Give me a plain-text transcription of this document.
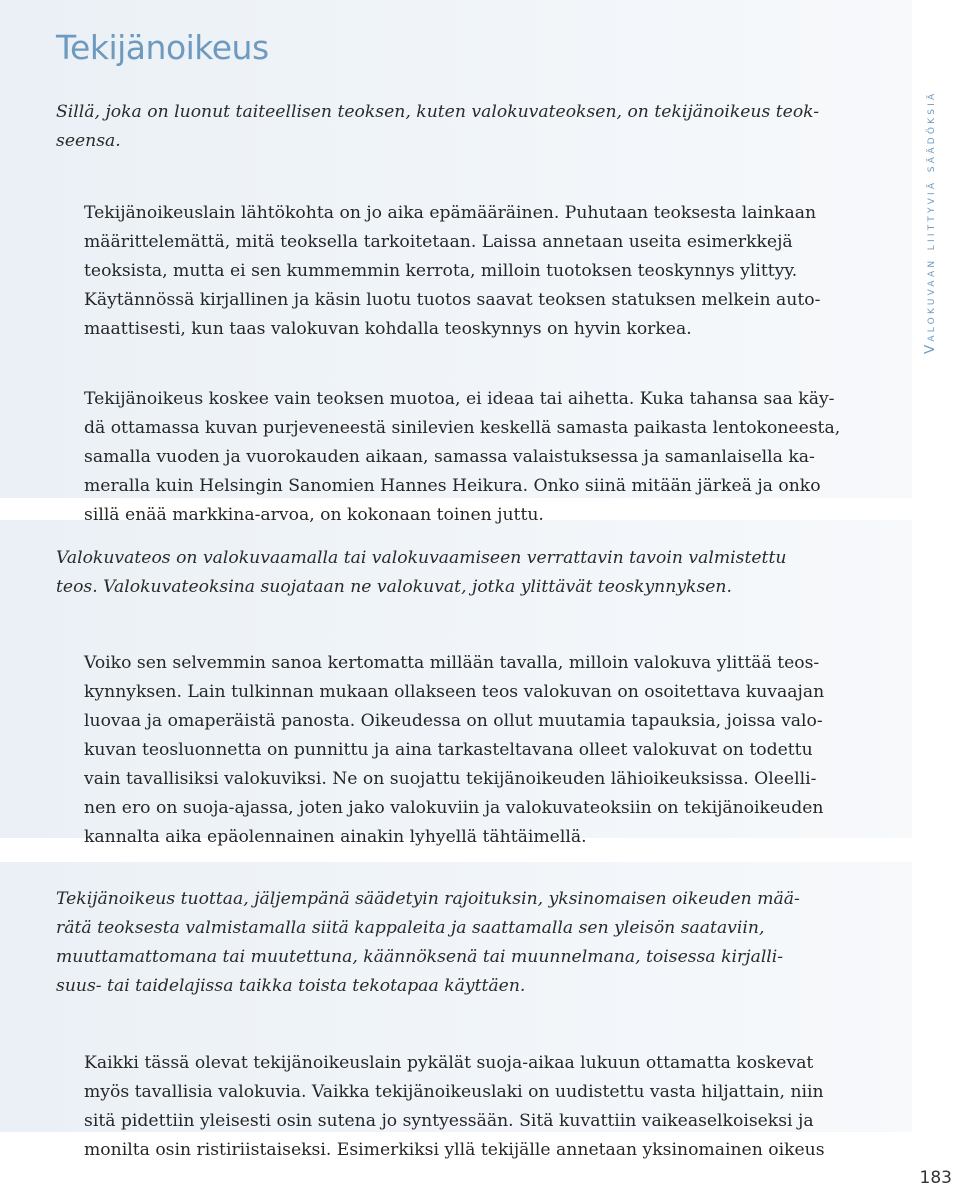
Tekijänoikeus

Sillä, joka on luonut taiteellisen teoksen, kuten valokuvateoksen, on tekijänoikeus teok-
seensa.

Tekijänoikeuslain lähtökohta on jo aika epämääräinen. Puhutaan teoksesta lainkaan
määrittelemättä, mitä teoksella tarkoitetaan. Laissa annetaan useita esimerkkejä
teoksista, mutta ei sen kummemmin kerrota, milloin tuotoksen teoskynnys ylittyy.
Käytännössä kirjallinen ja käsin luotu tuotos saavat teoksen statuksen melkein auto-
maattisesti, kun taas valokuvan kohdalla teoskynnys on hyvin korkea.

Tekijänoikeus koskee vain teoksen muotoa, ei ideaa tai aihetta. Kuka tahansa saa käy-
dä ottamassa kuvan purjeveneestä sinilevien keskellä samasta paikasta lentokoneesta,
samalla vuoden ja vuorokauden aikaan, samassa valaistuksessa ja samanlaisella ka-
meralla kuin Helsingin Sanomien Hannes Heikura. Onko siinä mitään järkeä ja onko
sillä enää markkina-arvoa, on kokonaan toinen juttu.

Valokuvateos on valokuvaamalla tai valokuvaamiseen verrattavin tavoin valmistettu
teos. Valokuvateoksina suojataan ne valokuvat, jotka ylittävät teoskynnyksen.

Voiko sen selvemmin sanoa kertomatta millään tavalla, milloin valokuva ylittää teos-
kynnyksen. Lain tulkinnan mukaan ollakseen teos valokuvan on osoitettava kuvaajan
luovaa ja omaperäistä panosta. Oikeudessa on ollut muutamia tapauksia, joissa valo-
kuvan teosluonnetta on punnittu ja aina tarkasteltavana olleet valokuvat on todettu
vain tavallisiksi valokuviksi. Ne on suojattu tekijänoikeuden lähioikeuksissa. Oleelli-
nen ero on suoja-ajassa, joten jako valokuviin ja valokuvateoksiin on tekijänoikeuden
kannalta aika epäolennainen ainakin lyhyellä tähtäimellä.

Tekijänoikeus tuottaa, jäljempänä säädetyin rajoituksin, yksinomaisen oikeuden mää-
rätä teoksesta valmistamalla siitä kappaleita ja saattamalla sen yleisön saataviin,
muuttamattomana tai muutettuna, käännöksenä tai muunnelmana, toisessa kirjalli-
suus- tai taidelajissa taikka toista tekotapaa käyttäen.

Kaikki tässä olevat tekijänoikeuslain pykälät suoja-aikaa lukuun ottamatta koskevat
myös tavallisia valokuvia. Vaikka tekijänoikeuslaki on uudistettu vasta hiljattain, niin
sitä pidettiin yleisesti osin sutena jo syntyessään. Sitä kuvattiin vaikeaselkoiseksi ja
monilta osin ristiriistaiseksi. Esimerkiksi yllä tekijälle annetaan yksinomainen oikeus

Valokuvaan liittyviä säädöksiä
183
